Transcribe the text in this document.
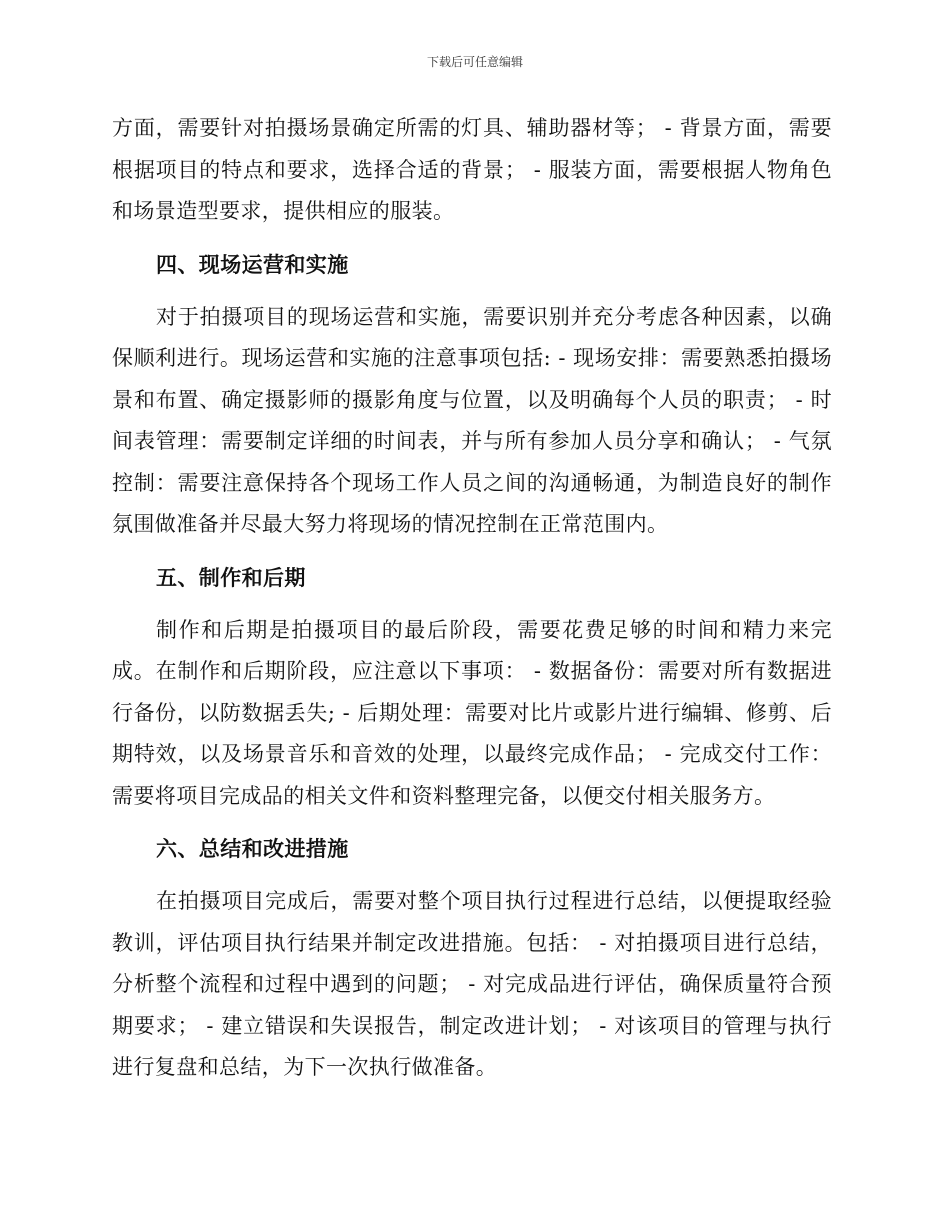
下载后可任意编辑

方面，需要针对拍摄场景确定所需的灯具、辅助器材等； - 背景方面，需要根据项目的特点和要求，选择合适的背景； - 服装方面，需要根据人物角色和场景造型要求，提供相应的服装。

四、现场运营和实施

对于拍摄项目的现场运营和实施，需要识别并充分考虑各种因素，以确保顺利进行。现场运营和实施的注意事项包括: - 现场安排：需要熟悉拍摄场景和布置、确定摄影师的摄影角度与位置，以及明确每个人员的职责； - 时间表管理：需要制定详细的时间表，并与所有参加人员分享和确认； - 气氛控制：需要注意保持各个现场工作人员之间的沟通畅通，为制造良好的制作氛围做准备并尽最大努力将现场的情况控制在正常范围内。

五、制作和后期

制作和后期是拍摄项目的最后阶段，需要花费足够的时间和精力来完成。在制作和后期阶段，应注意以下事项： - 数据备份：需要对所有数据进行备份，以防数据丢失; - 后期处理：需要对比片或影片进行编辑、修剪、后期特效，以及场景音乐和音效的处理，以最终完成作品； - 完成交付工作：需要将项目完成品的相关文件和资料整理完备，以便交付相关服务方。

六、总结和改进措施

在拍摄项目完成后，需要对整个项目执行过程进行总结，以便提取经验教训，评估项目执行结果并制定改进措施。包括： - 对拍摄项目进行总结，分析整个流程和过程中遇到的问题； - 对完成品进行评估，确保质量符合预期要求； - 建立错误和失误报告，制定改进计划； - 对该项目的管理与执行进行复盘和总结，为下一次执行做准备。
